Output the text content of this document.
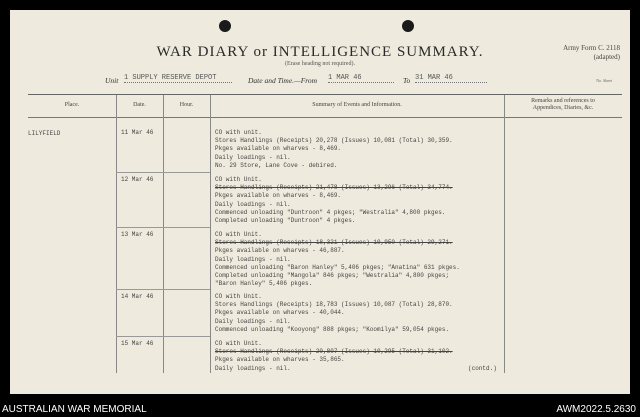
WAR DIARY or INTELLIGENCE SUMMARY.
(Erase heading not required).
Army Form C. 2118
(adapted)
Unit 1 SUPPLY RESERVE DEPOT	Date and Time.—From 1 MAR 46	To 31 MAR 46	No. Sheet
Place.	Date.	Hour.	Summary of Events and Information.
Remarks and references to
Appendices, Diaries, &c.
LILYFIELD	11 Mar 46	CO with unit.
Stores Handlings (Receipts) 20,278 (Issues) 10,081 (Total) 30,359.
Pkges available on wharves - 8,469.
Daily loadings - nil.
No. 29 Store, Lane Cove - debired.
12 Mar 46	CO with Unit.
Stores Handlings (Receipts) 21,478 (Issues) 13,296 (Total) 34,774.
Pkges available on wharves - 8,469.
Daily loadings - nil.
Commenced unloading "Duntroon" 4 pkges; "Westralia" 4,800 pkges.
Completed unloading "Duntroon" 4 pkges.
13 Mar 46	CO with Unit.
Stores Handlings (Receipts) 18,321 (Issues) 10,950 (Total) 29,271.
Pkges available on wharves - 46,887.
Daily loadings - nil.
Commenced unloading "Baron Hanley" 5,406 pkges; "Anatina" 631 pkges.
Completed unloading "Mangola" 846 pkges; "Westralia" 4,800 pkges;
"Baron Hanley" 5,406 pkges.
14 Mar 46	CO with Unit.
Stores Handlings (Receipts) 18,783 (Issues) 10,087 (Total) 28,870.
Pkges available on wharves - 40,044.
Daily loadings - nil.
Commenced unloading "Kooyong" 888 pkges; "Koomilya" 59,054 pkges.
15 Mar 46	CO with Unit.
Stores Handlings (Receipts) 20,807 (Issues) 10,295 (Total) 31,102.
Pkges available on wharves - 35,865.
Daily loadings - nil.	(contd.)
AUSTRALIAN WAR MEMORIAL	AWM2022.5.2630
